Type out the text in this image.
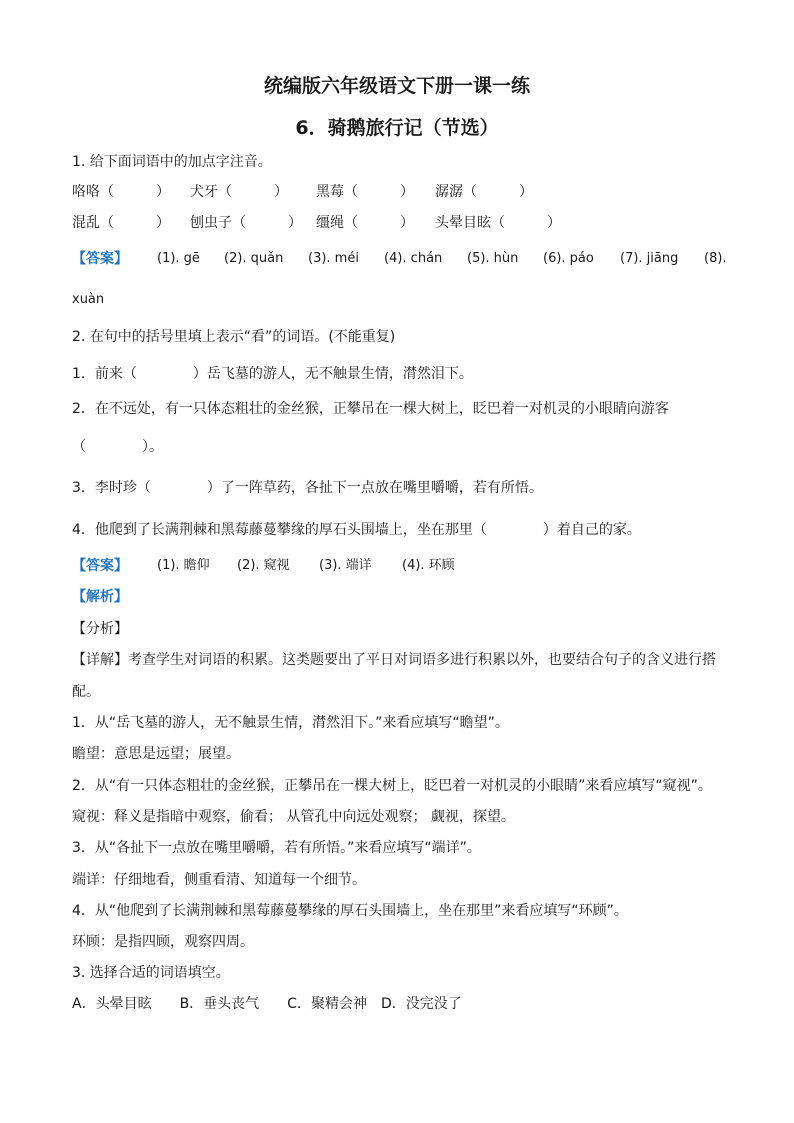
统编版六年级语文下册一课一练
6．骑鹅旅行记（节选）
1. 给下面词语中的加点字注音。
咯咯（　　　） 犬牙（　　　） 黑莓（　　　） 潺潺（　　　）
混乱（　　　） 刨虫子（　　　） 缰绳（　　　） 头晕目眩（　　　）
【答案】 (1). gē (2). quǎn (3). méi (4). chán (5). hùn (6). páo (7). jiāng (8).
xuàn
2. 在句中的括号里填上表示“看”的词语。(不能重复)
1．前来（　　　　）岳飞墓的游人，无不触景生情，潸然泪下。
2．在不远处，有一只体态粗壮的金丝猴，正攀吊在一棵大树上，眨巴着一对机灵的小眼睛向游客
（　　　　）。
3．李时珍（　　　　）了一阵草药，各扯下一点放在嘴里嚼嚼，若有所悟。
4．他爬到了长满荆棘和黑莓藤蔓攀缘的厚石头围墙上，坐在那里（　　　　）着自己的家。
【答案】 (1). 瞻仰 (2). 窥视 (3). 端详 (4). 环顾
【解析】
【分析】
【详解】考查学生对词语的积累。这类题要出了平日对词语多进行积累以外，也要结合句子的含义进行搭
配。
1．从“岳飞墓的游人，无不触景生情，潸然泪下。”来看应填写“瞻望”。
瞻望：意思是远望；展望。
2．从“有一只体态粗壮的金丝猴，正攀吊在一棵大树上，眨巴着一对机灵的小眼睛”来看应填写“窥视”。
窥视：释义是指暗中观察，偷看； 从管孔中向远处观察； 觑视，探望。
3．从“各扯下一点放在嘴里嚼嚼，若有所悟。”来看应填写“端详”。
端详：仔细地看，侧重看清、知道每一个细节。
4．从“他爬到了长满荆棘和黑莓藤蔓攀缘的厚石头围墙上，坐在那里”来看应填写“环顾”。
环顾：是指四顾，观察四周。
3. 选择合适的词语填空。
A．头晕目眩　　B．垂头丧气　　C．聚精会神　D．没完没了
